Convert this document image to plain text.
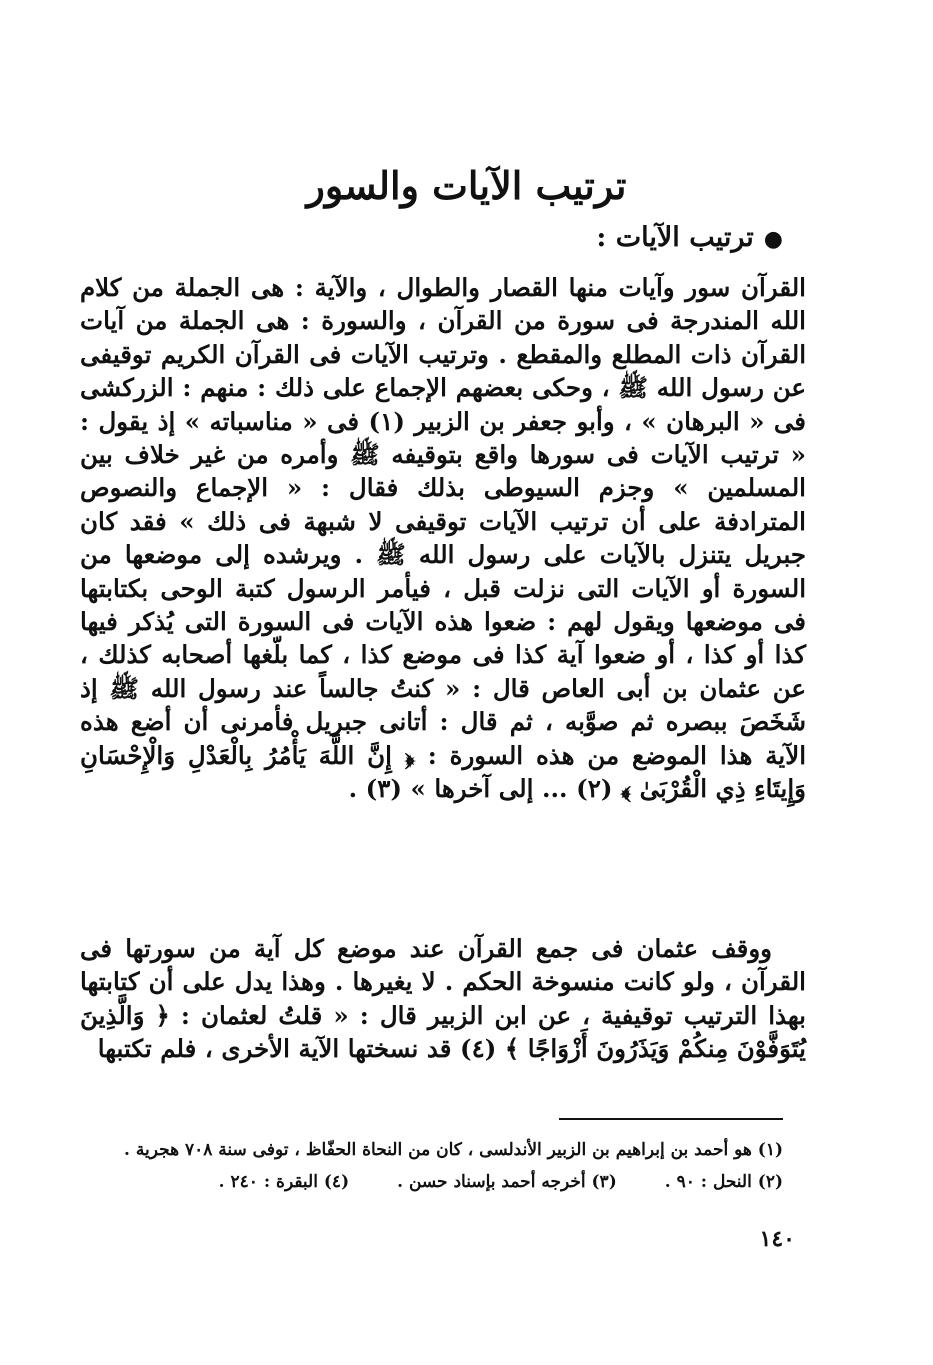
ترتيب الآيات والسور
●ترتيب الآيات :

القرآن سور وآيات منها القصار والطوال ، والآية : هى الجملة من كلام الله المندرجة فى سورة من القرآن ، والسورة : هى الجملة من آيات القرآن ذات المطلع والمقطع . وترتيب الآيات فى القرآن الكريم توقيفى عن رسول الله ﷺ ، وحكى بعضهم الإجماع على ذلك : منهم : الزركشى فى « البرهان » ، وأبو جعفر بن الزبير (١) فى « مناسباته » إذ يقول : « ترتيب الآيات فى سورها واقع بتوقيفه ﷺ وأمره من غير خلاف بين المسلمين » وجزم السيوطى بذلك فقال : « الإجماع والنصوص المترادفة على أن ترتيب الآيات توقيفى لا شبهة فى ذلك » فقد كان جبريل يتنزل بالآيات على رسول الله ﷺ . ويرشده إلى موضعها من السورة أو الآيات التى نزلت قبل ، فيأمر الرسول كتبة الوحى بكتابتها فى موضعها ويقول لهم : ضعوا هذه الآيات فى السورة التى يُذكر فيها كذا أو كذا ، أو ضعوا آية كذا فى موضع كذا ، كما بلّغها أصحابه كذلك ، عن عثمان بن أبى العاص قال : « كنتُ جالساً عند رسول الله ﷺ إذ شَخَصَ ببصره ثم صوَّبه ، ثم قال : أتانى جبريل فأمرنى أن أضع هذه الآية هذا الموضع من هذه السورة : ﴿ إِنَّ اللَّهَ يَأْمُرُ بِالْعَدْلِ وَالْإِحْسَانِ وَإِيتَاءِ ذِي الْقُرْبَىٰ ﴾ (٢) ... إلى آخرها » (٣) .

ووقف عثمان فى جمع القرآن عند موضع كل آية من سورتها فى القرآن ، ولو كانت منسوخة الحكم . لا يغيرها . وهذا يدل على أن كتابتها بهذا الترتيب توقيفية ، عن ابن الزبير قال : « قلتُ لعثمان : ﴿ وَالَّذِينَ يُتَوَفَّوْنَ مِنكُمْ وَيَذَرُونَ أَزْوَاجًا ﴾ (٤) قد نسختها الآية الأخرى ، فلم تكتبها

(١) هو أحمد بن إبراهيم بن الزبير الأندلسى ، كان من النحاة الحفّاظ ، توفى سنة ٧٠٨ هجرية .
(٢) النحل : ٩٠ .(٣) أخرجه أحمد بإسناد حسن .(٤) البقرة : ٢٤٠ .
١٤٠
